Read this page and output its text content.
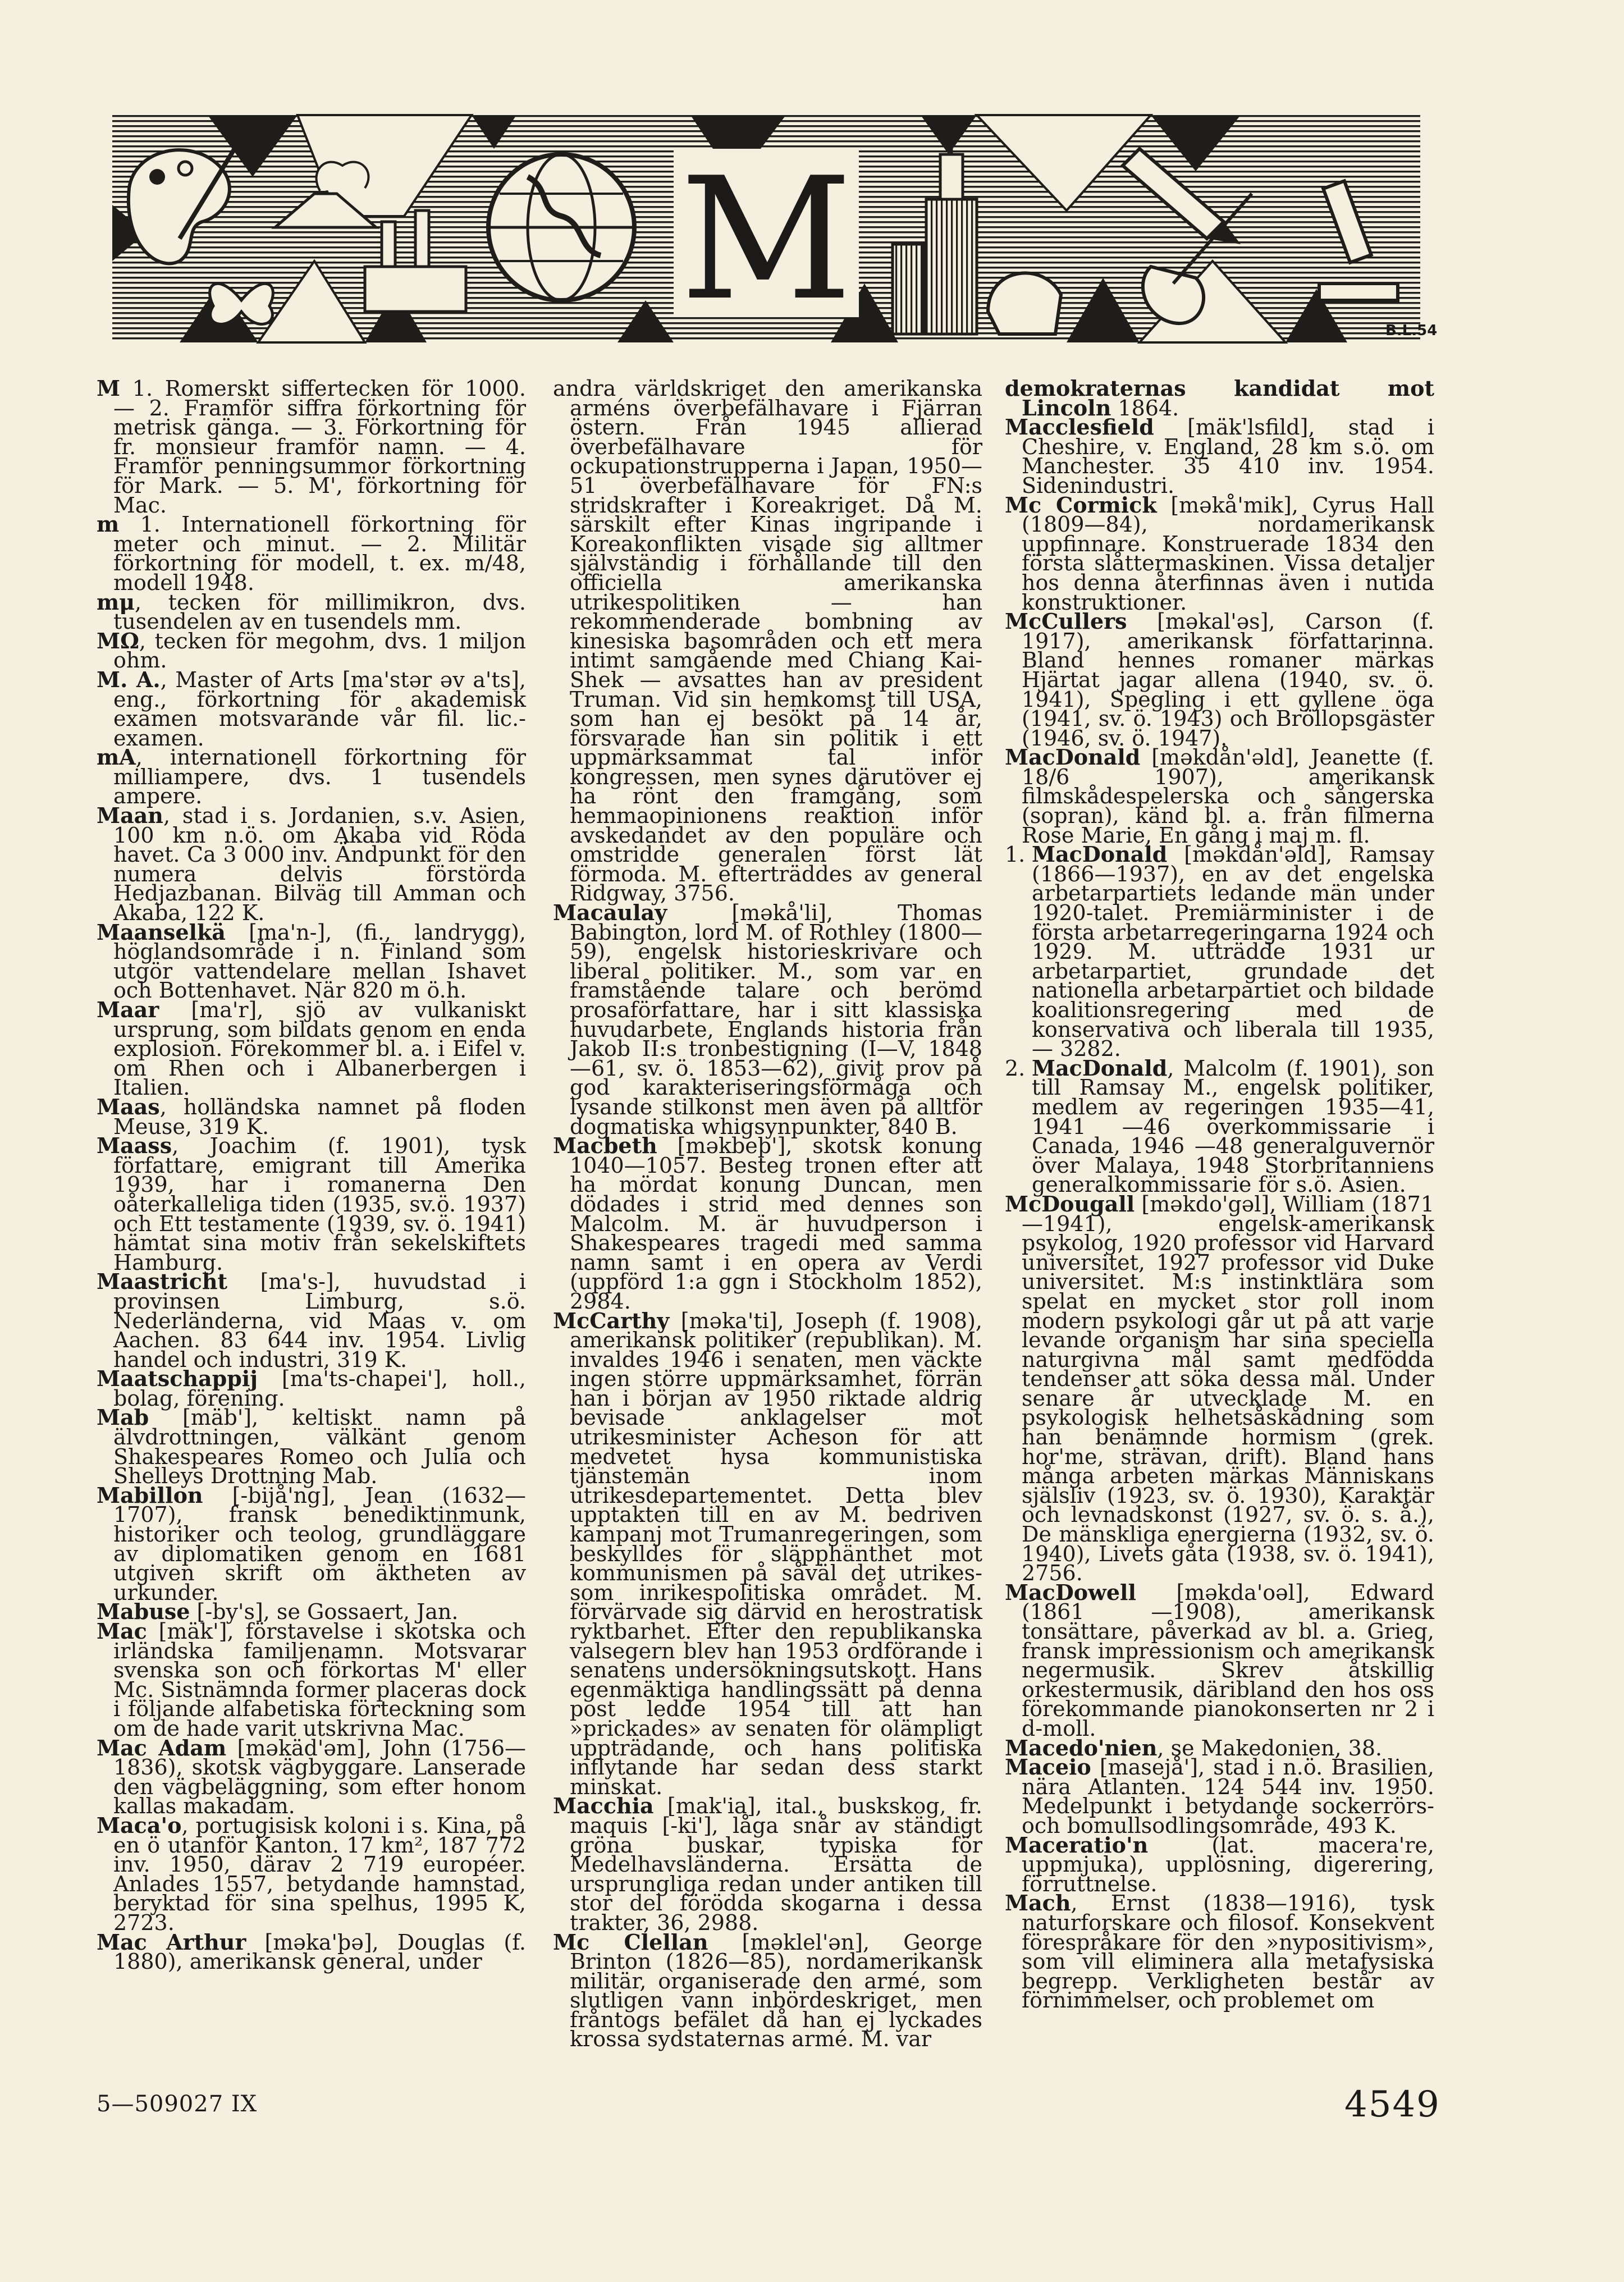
M	B.L.54

M 1. Romerskt siffertecken för 1000. — 2. Framför siffra förkortning för metrisk gänga. — 3. Förkortning för fr. monsieur framför namn. — 4. Framför penningsummor förkortning för Mark. — 5. M', förkortning för Mac.

m 1. Internationell förkortning för meter och minut. — 2. Militär förkortning för modell, t. ex. m/48, modell 1948.

mμ, tecken för millimikron, dvs. tusendelen av en tusendels mm.

MΩ, tecken för megohm, dvs. 1 miljon ohm.

M. A., Master of Arts [ma'stər əv a'ts], eng., förkortning för akademisk examen motsvarande vår fil. lic.-examen.

mA, internationell förkortning för milliampere, dvs. 1 tusendels ampere.

Maan, stad i s. Jordanien, s.v. Asien, 100 km n.ö. om Akaba vid Röda havet. Ca 3 000 inv. Ändpunkt för den numera delvis förstörda Hedjazbanan. Bilväg till Amman och Akaba, 122 K.

Maanselkä [ma'n-], (fi., landrygg), höglandsområde i n. Finland som utgör vattendelare mellan Ishavet och Bottenhavet. När 820 m ö.h.

Maar [ma'r], sjö av vulkaniskt ursprung, som bildats genom en enda explosion. Förekommer bl. a. i Eifel v. om Rhen och i Albanerbergen i Italien.

Maas, holländska namnet på floden Meuse, 319 K.

Maass, Joachim (f. 1901), tysk författare, emigrant till Amerika 1939, har i romanerna Den oåterkalleliga tiden (1935, sv.ö. 1937) och Ett testamente (1939, sv. ö. 1941) hämtat sina motiv från sekelskiftets Hamburg.

Maastricht [ma's-], huvudstad i provinsen Limburg, s.ö. Nederländerna, vid Maas v. om Aachen. 83 644 inv. 1954. Livlig handel och industri, 319 K.

Maatschappij [ma'ts-chapei'], holl., bolag, förening.

Mab [mäb'], keltiskt namn på älvdrottningen, välkänt genom Shakespeares Romeo och Julia och Shelleys Drottning Mab.

Mabillon [-bijå'ng], Jean (1632—1707), fransk benediktinmunk, historiker och teolog, grundläggare av diplomatiken genom en 1681 utgiven skrift om äktheten av urkunder.

Mabuse [-by's], se Gossaert, Jan.

Mac [mäk'], förstavelse i skotska och irländska familjenamn. Motsvarar svenska son och förkortas M' eller Mc. Sistnämnda former placeras dock i följande alfabetiska förteckning som om de hade varit utskrivna Mac.

Mac Adam [məkäd'əm], John (1756—1836), skotsk vägbyggare. Lanserade den vägbeläggning, som efter honom kallas makadam.

Maca'o, portugisisk koloni i s. Kina, på en ö utanför Kanton. 17 km², 187 772 inv. 1950, därav 2 719 européer. Anlades 1557, betydande hamnstad, beryktad för sina spelhus, 1995 K, 2723.

Mac Arthur [məka'þə], Douglas (f. 1880), amerikansk general, under

andra världskriget den amerikanska arméns överbefälhavare i Fjärran östern. Från 1945 allierad överbefälhavare för ockupationstrupperna i Japan, 1950—51 överbefälhavare för FN:s stridskrafter i Koreakriget. Då M. särskilt efter Kinas ingripande i Koreakonflikten visade sig alltmer självständig i förhållande till den officiella amerikanska utrikespolitiken — han rekommenderade bombning av kinesiska basområden och ett mera intimt samgående med Chiang Kai-Shek — avsattes han av president Truman. Vid sin hemkomst till USA, som han ej besökt på 14 år, försvarade han sin politik i ett uppmärksammat tal inför kongressen, men synes därutöver ej ha rönt den framgång, som hemmaopinionens reaktion inför avskedandet av den populäre och omstridde generalen först lät förmoda. M. efterträddes av general Ridgway, 3756.

Macaulay [məkå'li], Thomas Babington, lord M. of Rothley (1800—59), engelsk historieskrivare och liberal politiker. M., som var en framstående talare och berömd prosaförfattare, har i sitt klassiska huvudarbete, Englands historia från Jakob II:s tronbestigning (I—V, 1848—61, sv. ö. 1853—62), givit prov på god karakteriseringsförmåga och lysande stilkonst men även på alltför dogmatiska whigsynpunkter, 840 B.

Macbeth [məkbeþ'], skotsk konung 1040—1057. Besteg tronen efter att ha mördat konung Duncan, men dödades i strid med dennes son Malcolm. M. är huvudperson i Shakespeares tragedi med samma namn samt i en opera av Verdi (uppförd 1:a ggn i Stockholm 1852), 2984.

McCarthy [məka'ti], Joseph (f. 1908), amerikansk politiker (republikan). M. invaldes 1946 i senaten, men väckte ingen större uppmärksamhet, förrän han i början av 1950 riktade aldrig bevisade anklagelser mot utrikesminister Acheson för att medvetet hysa kommunistiska tjänstemän inom utrikesdepartementet. Detta blev upptakten till en av M. bedriven kampanj mot Trumanregeringen, som beskylldes för släpphänthet mot kommunismen på såväl det utrikes- som inrikespolitiska området. M. förvärvade sig därvid en herostratisk ryktbarhet. Efter den republikanska valsegern blev han 1953 ordförande i senatens undersökningsutskott. Hans egenmäktiga handlingssätt på denna post ledde 1954 till att han »prickades» av senaten för olämpligt uppträdande, och hans politiska inflytande har sedan dess starkt minskat.

Macchia [mak'ia], ital., buskskog, fr. maquis [-ki'], låga snår av ständigt gröna buskar, typiska för Medelhavsländerna. Ersätta de ursprungliga redan under antiken till stor del förödda skogarna i dessa trakter, 36, 2988.

Mc Clellan [məklel'ən], George Brinton (1826—85), nordamerikansk militär, organiserade den armé, som slutligen vann inbördeskriget, men fråntogs befälet då han ej lyckades krossa sydstaternas armé. M. var

demokraternas kandidat mot Lincoln 1864.

Macclesfield [mäk'lsfild], stad i Cheshire, v. England, 28 km s.ö. om Manchester. 35 410 inv. 1954. Sidenindustri.

Mc Cormick [məkå'mik], Cyrus Hall (1809—84), nordamerikansk uppfinnare. Konstruerade 1834 den första slåttermaskinen. Vissa detaljer hos denna återfinnas även i nutida konstruktioner.

McCullers [məkal'əs], Carson (f. 1917), amerikansk författarinna. Bland hennes romaner märkas Hjärtat jagar allena (1940, sv. ö. 1941), Spegling i ett gyllene öga (1941, sv. ö. 1943) och Bröllopsgäster (1946, sv. ö. 1947).

MacDonald [məkdån'əld], Jeanette (f. 18/6 1907), amerikansk filmskådespelerska och sångerska (sopran), känd bl. a. från filmerna Rose Marie, En gång i maj m. fl.

1. MacDonald [məkdån'əld], Ramsay (1866—1937), en av det engelska arbetarpartiets ledande män under 1920-talet. Premiärminister i de första arbetarregeringarna 1924 och 1929. M. utträdde 1931 ur arbetarpartiet, grundade det nationella arbetarpartiet och bildade koalitionsregering med de konservativa och liberala till 1935, — 3282.

2. MacDonald, Malcolm (f. 1901), son till Ramsay M., engelsk politiker, medlem av regeringen 1935—41, 1941 —46 överkommissarie i Canada, 1946 —48 generalguvernör över Malaya, 1948 Storbritanniens generalkommissarie för s.ö. Asien.

McDougall [məkdo'gəl], William (1871 —1941), engelsk-amerikansk psykolog, 1920 professor vid Harvard universitet, 1927 professor vid Duke universitet. M:s instinktlära som spelat en mycket stor roll inom modern psykologi går ut på att varje levande organism har sina speciella naturgivna mål samt medfödda tendenser att söka dessa mål. Under senare år utvecklade M. en psykologisk helhetsåskådning som han benämnde hormism (grek. hor'me, strävan, drift). Bland hans många arbeten märkas Människans själsliv (1923, sv. ö. 1930), Karaktär och levnadskonst (1927, sv. ö. s. å.), De mänskliga energierna (1932, sv. ö. 1940), Livets gåta (1938, sv. ö. 1941), 2756.

MacDowell [məkda'oəl], Edward (1861 —1908), amerikansk tonsättare, påverkad av bl. a. Grieg, fransk impressionism och amerikansk negermusik. Skrev åtskillig orkestermusik, däribland den hos oss förekommande pianokonserten nr 2 i d-moll.

Macedo'nien, se Makedonien, 38.

Maceio [masejå'], stad i n.ö. Brasilien, nära Atlanten. 124 544 inv. 1950. Medelpunkt i betydande sockerrörs- och bomullsodlingsområde, 493 K.

Maceratio'n (lat. macera're, uppmjuka), upplösning, digerering, förruttnelse.

Mach, Ernst (1838—1916), tysk naturforskare och filosof. Konsekvent förespråkare för den »nypositivism», som vill eliminera alla metafysiska begrepp. Verkligheten består av förnimmelser, och problemet om

5—509027 IX	4549
